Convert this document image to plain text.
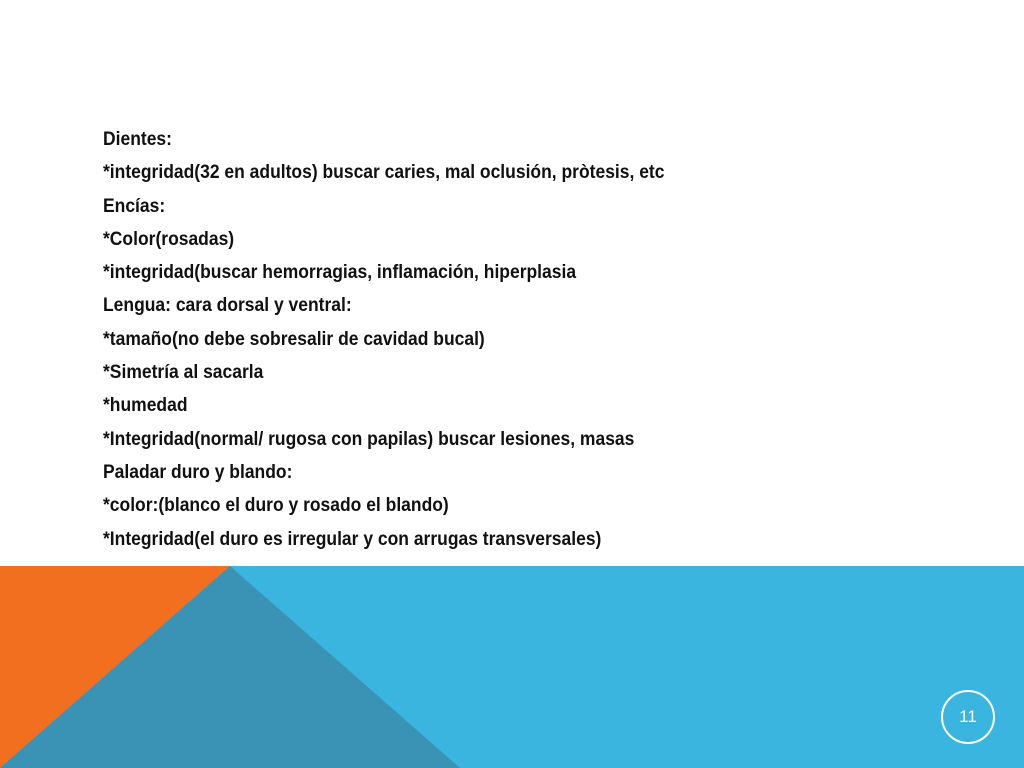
Dientes:
*integridad(32 en adultos) buscar caries, mal oclusión, pròtesis, etc
Encías:
*Color(rosadas)
*integridad(buscar hemorragias, inflamación, hiperplasia
Lengua: cara dorsal y ventral:
*tamaño(no debe sobresalir de cavidad bucal)
*Simetría al sacarla
*humedad
*Integridad(normal/ rugosa con papilas) buscar lesiones, masas
Paladar duro y blando:
*color:(blanco el duro y rosado el blando)
*Integridad(el duro es irregular y con arrugas transversales)
11
